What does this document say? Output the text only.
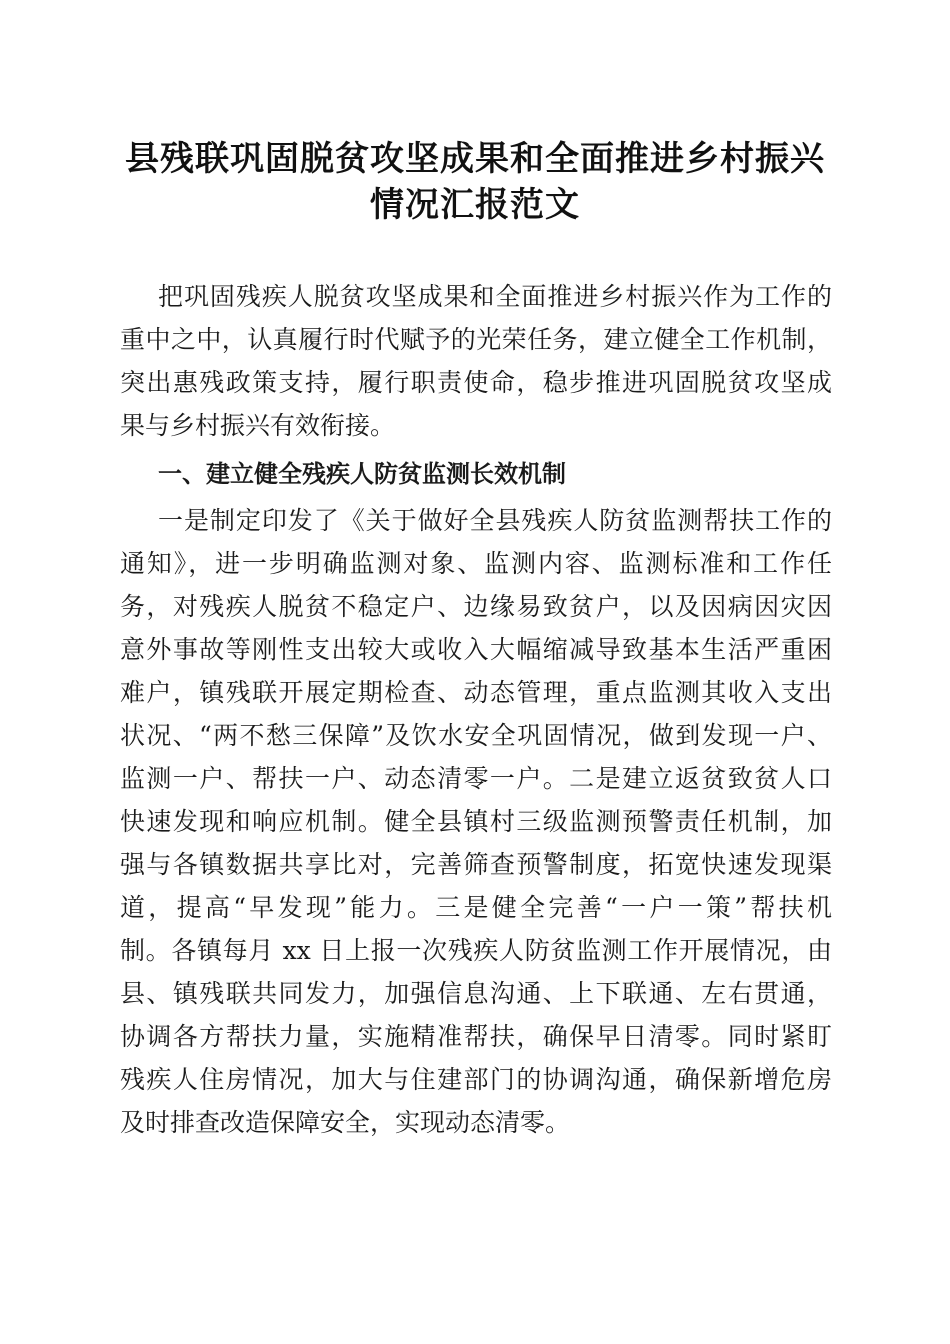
县残联巩固脱贫攻坚成果和全面推进乡村振兴
情况汇报范文
把巩固残疾人脱贫攻坚成果和全面推进乡村振兴作为工作的
重中之中，认真履行时代赋予的光荣任务，建立健全工作机制，
突出惠残政策支持，履行职责使命，稳步推进巩固脱贫攻坚成
果与乡村振兴有效衔接。
一、建立健全残疾人防贫监测长效机制
一是制定印发了《关于做好全县残疾人防贫监测帮扶工作的
通知》，进一步明确监测对象、监测内容、监测标准和工作任
务，对残疾人脱贫不稳定户、边缘易致贫户，以及因病因灾因
意外事故等刚性支出较大或收入大幅缩减导致基本生活严重困
难户，镇残联开展定期检查、动态管理，重点监测其收入支出
状况、“两不愁三保障”及饮水安全巩固情况，做到发现一户、
监测一户、帮扶一户、动态清零一户。二是建立返贫致贫人口
快速发现和响应机制。健全县镇村三级监测预警责任机制，加
强与各镇数据共享比对，完善筛查预警制度，拓宽快速发现渠
道，提高“早发现”能力。三是健全完善“一户一策”帮扶机
制。各镇每月 xx 日上报一次残疾人防贫监测工作开展情况，由
县、镇残联共同发力，加强信息沟通、上下联通、左右贯通，
协调各方帮扶力量，实施精准帮扶，确保早日清零。同时紧盯
残疾人住房情况，加大与住建部门的协调沟通，确保新增危房
及时排查改造保障安全，实现动态清零。
